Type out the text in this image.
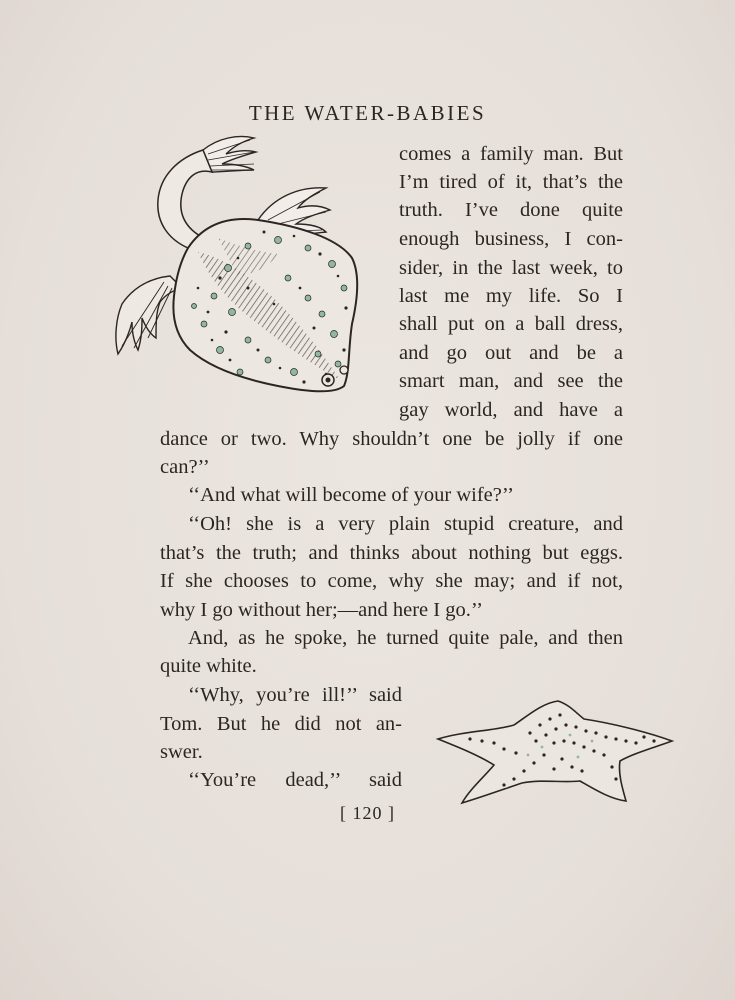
THE WATER-BABIES
comes a family man. But
I’m tired of it, that’s the
truth. I’ve done quite
enough business, I con-
sider, in the last week, to
last me my life. So I
shall put on a ball dress,
and go out and be a
smart man, and see the
gay world, and have a
dance or two. Why shouldn’t one be jolly if one
can?’’
‘‘And what will become of your wife?’’
‘‘Oh! she is a very plain stupid creature, and
that’s the truth; and thinks about nothing but eggs.
If she chooses to come, why she may; and if not,
why I go without her;—and here I go.’’
And, as he spoke, he turned quite pale, and then
quite white.
‘‘Why, you’re ill!’’ said
Tom. But he did not an-
swer.
‘‘You’re dead,’’ said
[ 120 ]
